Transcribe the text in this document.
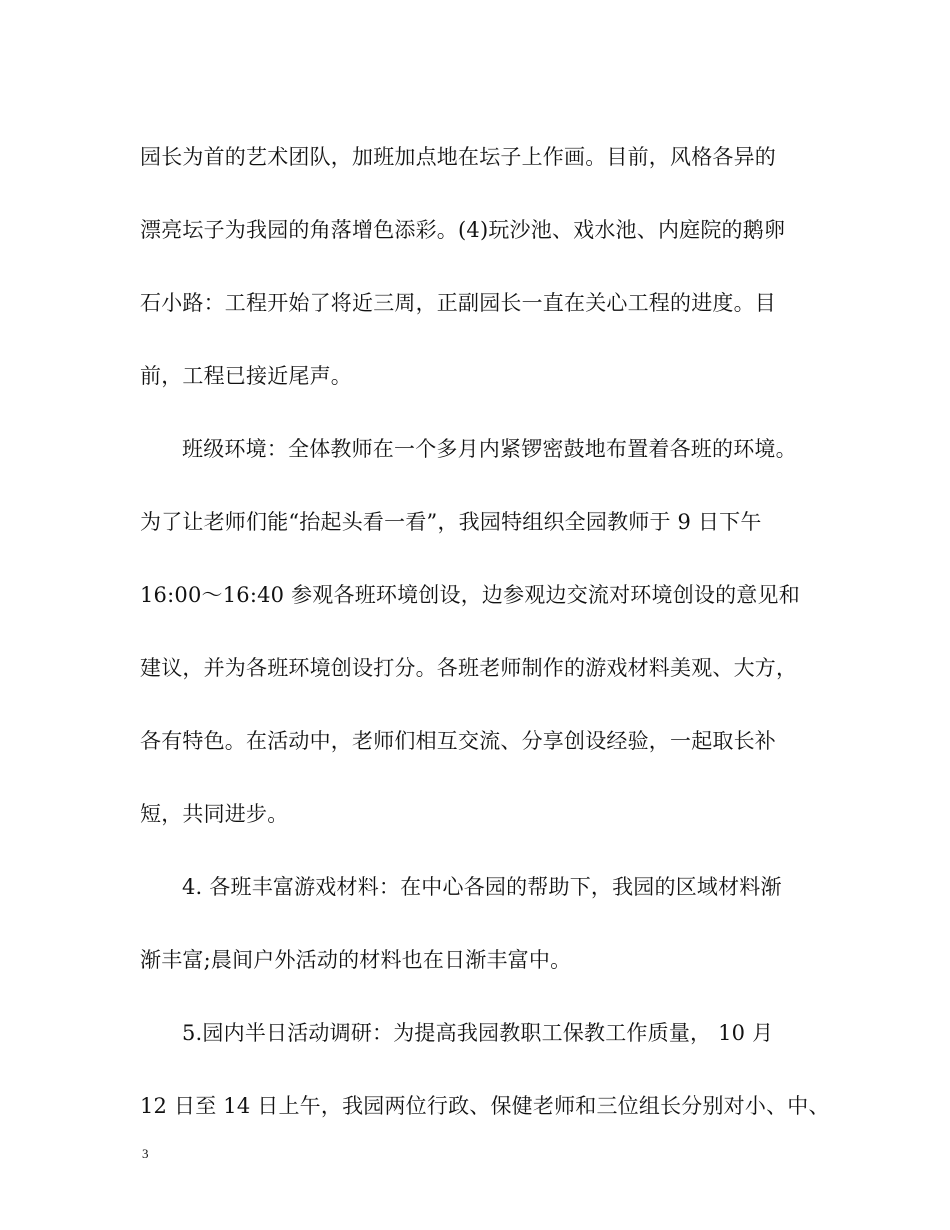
园长为首的艺术团队，加班加点地在坛子上作画。目前，风格各异的
漂亮坛子为我园的角落增色添彩。(4)玩沙池、戏水池、内庭院的鹅卵
石小路：工程开始了将近三周，正副园长一直在关心工程的进度。目
前，工程已接近尾声。
班级环境：全体教师在一个多月内紧锣密鼓地布置着各班的环境。
为了让老师们能“抬起头看一看”，我园特组织全园教师于 9 日下午
16:00～16:40 参观各班环境创设，边参观边交流对环境创设的意见和
建议，并为各班环境创设打分。各班老师制作的游戏材料美观、大方，
各有特色。在活动中，老师们相互交流、分享创设经验，一起取长补
短，共同进步。
4. 各班丰富游戏材料：在中心各园的帮助下，我园的区域材料渐
渐丰富;晨间户外活动的材料也在日渐丰富中。
5.园内半日活动调研：为提高我园教职工保教工作质量， 10 月
12 日至 14 日上午，我园两位行政、保健老师和三位组长分别对小、中、
3
